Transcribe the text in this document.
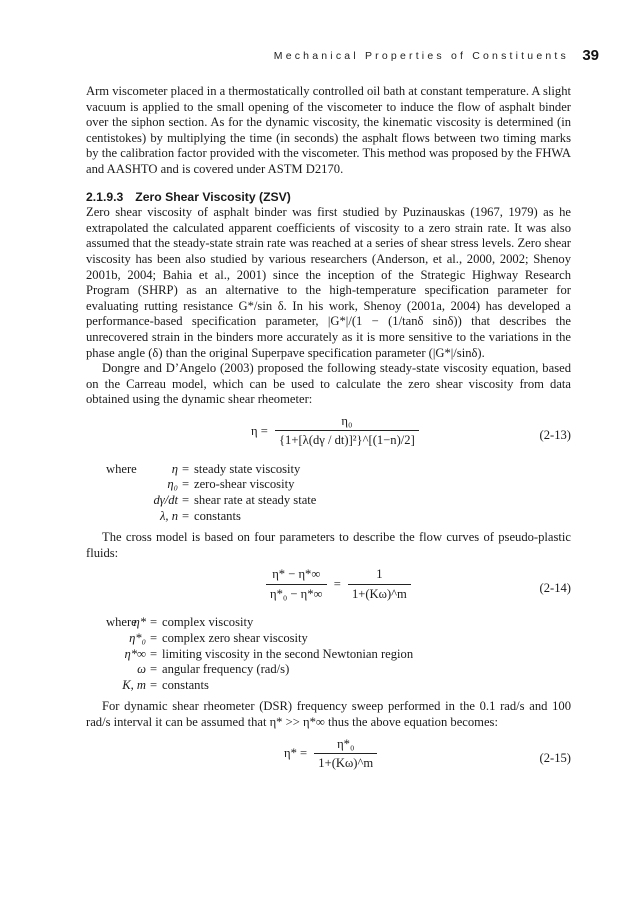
Mechanical Properties of Constituents 39

Arm viscometer placed in a thermostatically controlled oil bath at constant temperature. A slight vacuum is applied to the small opening of the viscometer to induce the flow of asphalt binder over the siphon section. As for the dynamic viscosity, the kinematic viscosity is determined (in centistokes) by multiplying the time (in seconds) the asphalt flows between two timing marks by the calibration factor provided with the viscometer. This method was proposed by the FHWA and AASHTO and is covered under ASTM D2170.

2.1.9.3 Zero Shear Viscosity (ZSV)

Zero shear viscosity of asphalt binder was first studied by Puzinauskas (1967, 1979) as he extrapolated the calculated apparent coefficients of viscosity to a zero strain rate. It was also assumed that the steady-state strain rate was reached at a series of shear stress levels. Zero shear viscosity has been also studied by various researchers (Anderson, et al., 2000, 2002; Shenoy 2001b, 2004; Bahia et al., 2001) since the inception of the Strategic Highway Research Program (SHRP) as an alternative to the high-temperature specification parameter for evaluating rutting resistance G*/sin δ. In his work, Shenoy (2001a, 2004) has developed a performance-based specification parameter, |G*|/(1 − (1/tanδ sinδ)) that describes the unrecovered strain in the binders more accurately as it is more sensitive to the variations in the phase angle (δ) than the original Superpave specification parameter (|G*|/sinδ).

Dongre and D’Angelo (2003) proposed the following steady-state viscosity equation, based on the Carreau model, which can be used to calculate the zero shear viscosity from data obtained using the dynamic shear rheometer:

$\eta = \frac{\text{η₀}}{\text{\{1+[λ(dγ / dt)]²\}\textasciicircum{}[(1−n)/2]}}$	(2-13)
where	η = steady state viscosity
η₀ = zero-shear viscosity
dγ/dt = shear rate at steady state
λ, n = constants

The cross model is based on four parameters to describe the flow curves of pseudo-plastic fluids:

$\frac{\eta* - \eta*\infty}{\text{η*₀ − η*∞}} = \frac{1}{1+(K\omega)\^{}m}$	(2-14)
where
η* = complex viscosity
η*₀ = complex zero shear viscosity
η*∞ = limiting viscosity in the second Newtonian region
ω = angular frequency (rad/s)
K, m = constants

For dynamic shear rheometer (DSR) frequency sweep performed in the 0.1 rad/s and 100 rad/s interval it can be assumed that η* >> η*∞ thus the above equation becomes:

$\eta* = \frac{\text{η*₀}}{1+(K\omega)\^{}m}$	(2-15)
